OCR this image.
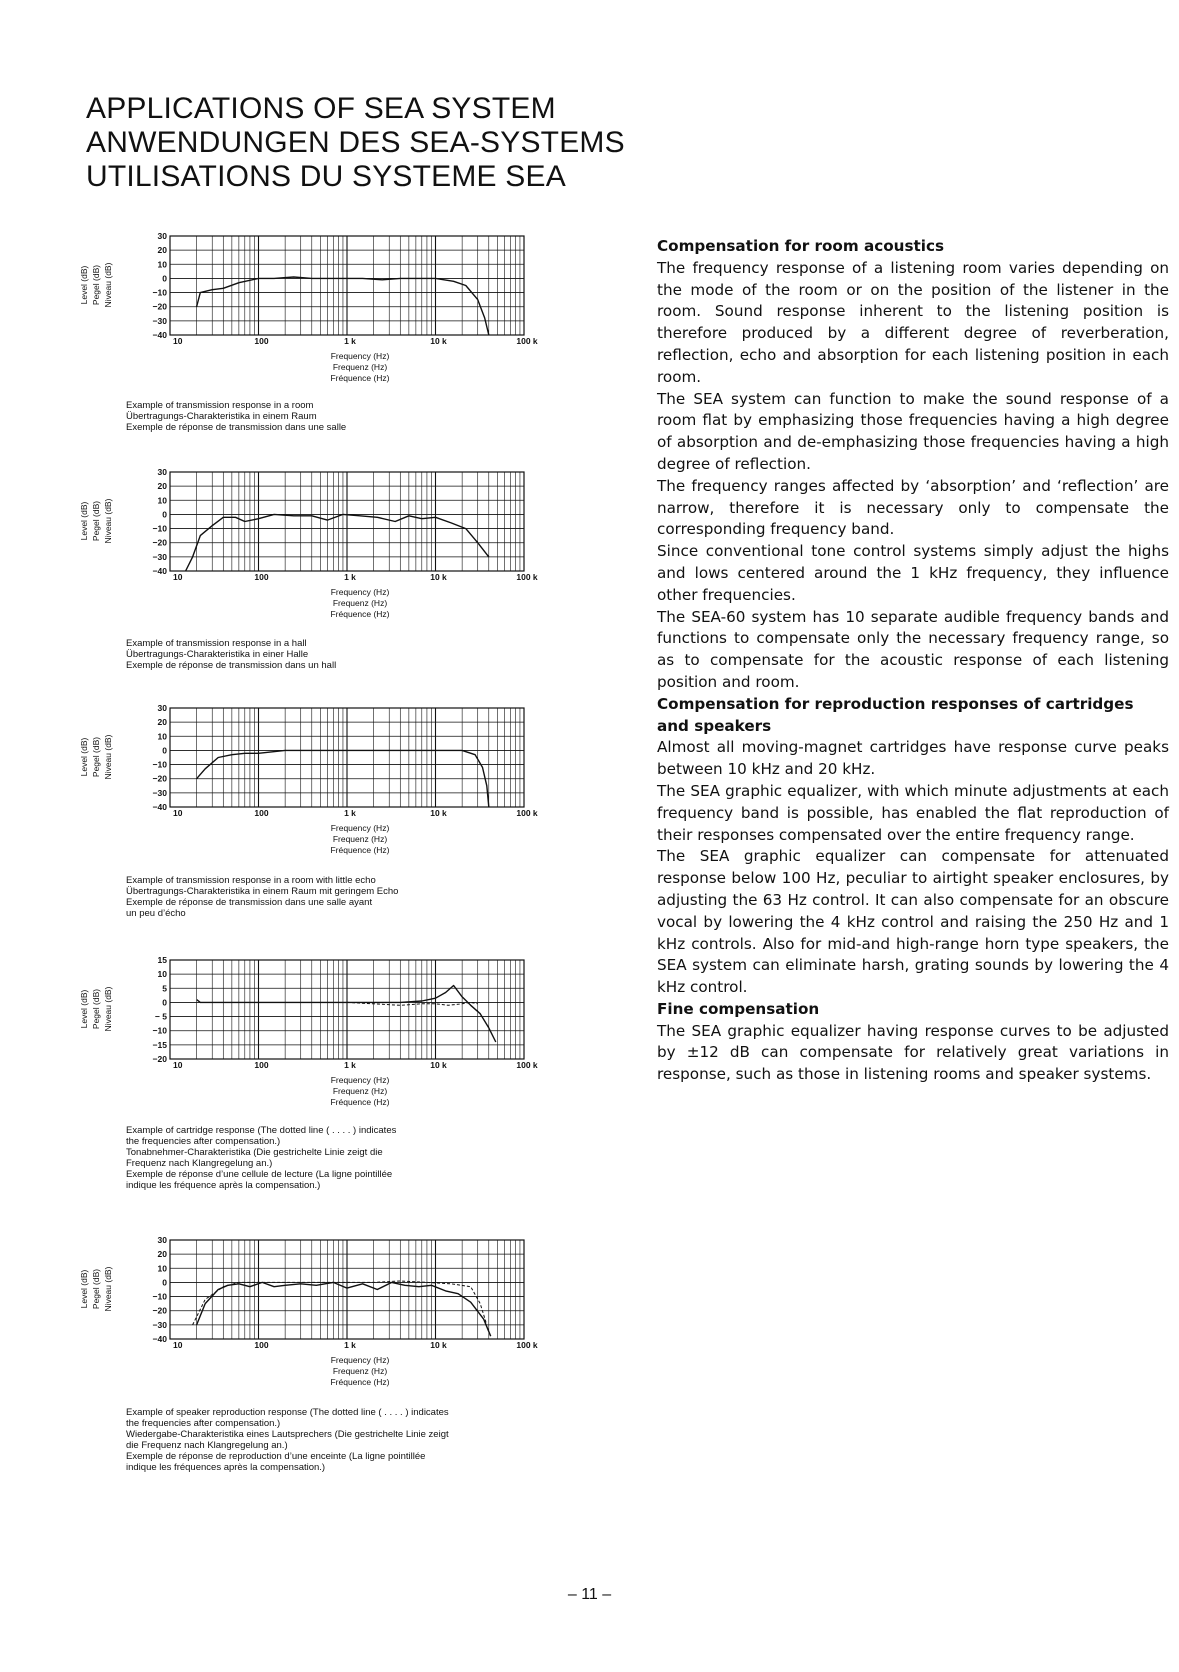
APPLICATIONS OF SEA SYSTEM
ANWENDUNGEN DES SEA-SYSTEMS
UTILISATIONS DU SYSTEME SEA
30
20
10
0
−10
−20
−30
−40
10	100	1 k	10 k	100 k
Frequency (Hz)
Frequenz (Hz)
Fréquence (Hz)
Level (dB) Pegel (dB) Niveau (dB)
Example of transmission response in a room
Übertragungs-Charakteristika in einem Raum
Exemple de réponse de transmission dans une salle
30
20
10
0
−10
−20
−30
−40
10	100	1 k	10 k	100 k
Frequency (Hz)
Frequenz (Hz)
Fréquence (Hz)
Level (dB) Pegel (dB) Niveau (dB)
Example of transmission response in a hall
Übertragungs-Charakteristika in einer Halle
Exemple de réponse de transmission dans un hall
30
20
10
0
−10
−20
−30
−40
10	100	1 k	10 k	100 k
Frequency (Hz)
Frequenz (Hz)
Fréquence (Hz)
Level (dB) Pegel (dB) Niveau (dB)
Example of transmission response in a room with little echo
Übertragungs-Charakteristika in einem Raum mit geringem Echo
Exemple de réponse de transmission dans une salle ayant
un peu d’écho
15
10
5
0
− 5
−10
−15
−20
10	100	1 k	10 k	100 k
Frequency (Hz)
Frequenz (Hz)
Fréquence (Hz)
Level (dB) Pegel (dB) Niveau (dB)
Example of cartridge response (The dotted line ( . . . . ) indicates
the frequencies after compensation.)
Tonabnehmer-Charakteristika (Die gestrichelte Linie zeigt die
Frequenz nach Klangregelung an.)
Exemple de réponse d’une cellule de lecture (La ligne pointillée
indique les fréquence après la compensation.)
30
20
10
0
−10
−20
−30
−40
10	100	1 k	10 k	100 k
Frequency (Hz)
Frequenz (Hz)
Fréquence (Hz)
Level (dB) Pegel (dB) Niveau (dB)
Example of speaker reproduction response (The dotted line ( . . . . ) indicates
the frequencies after compensation.)
Wiedergabe-Charakteristika eines Lautsprechers (Die gestrichelte Linie zeigt
die Frequenz nach Klangregelung an.)
Exemple de réponse de reproduction d’une enceinte (La ligne pointillée
indique les fréquences après la compensation.)

Compensation for room acoustics

The frequency response of a listening room varies depending on the mode of the room or on the position of the listener in the room. Sound response inherent to the listening position is therefore produced by a different degree of reverberation, reflection, echo and absorption for each listening position in each room.

The SEA system can function to make the sound response of a room flat by emphasizing those frequencies having a high degree of absorption and de-emphasizing those frequencies having a high degree of reflection.

The frequency ranges affected by ‘absorption’ and ‘reflection’ are narrow, therefore it is necessary only to compensate the corresponding frequency band.

Since conventional tone control systems simply adjust the highs and lows centered around the 1 kHz frequency, they influence other frequencies.

The SEA-60 system has 10 separate audible frequency bands and functions to compensate only the necessary frequency range, so as to compensate for the acoustic response of each listening position and room.

Compensation for reproduction responses of cartridges and speakers

Almost all moving-magnet cartridges have response curve peaks between 10 kHz and 20 kHz.

The SEA graphic equalizer, with which minute adjustments at each frequency band is possible, has enabled the flat reproduction of their responses compensated over the entire frequency range.

The SEA graphic equalizer can compensate for attenuated response below 100 Hz, peculiar to airtight speaker enclosures, by adjusting the 63 Hz control. It can also compensate for an obscure vocal by lowering the 4 kHz control and raising the 250 Hz and 1 kHz controls. Also for mid-and high-range horn type speakers, the SEA system can eliminate harsh, grating sounds by lowering the 4 kHz control.

Fine compensation

The SEA graphic equalizer having response curves to be adjusted by ±12 dB can compensate for relatively great variations in response, such as those in listening rooms and speaker systems.

– 11 –
